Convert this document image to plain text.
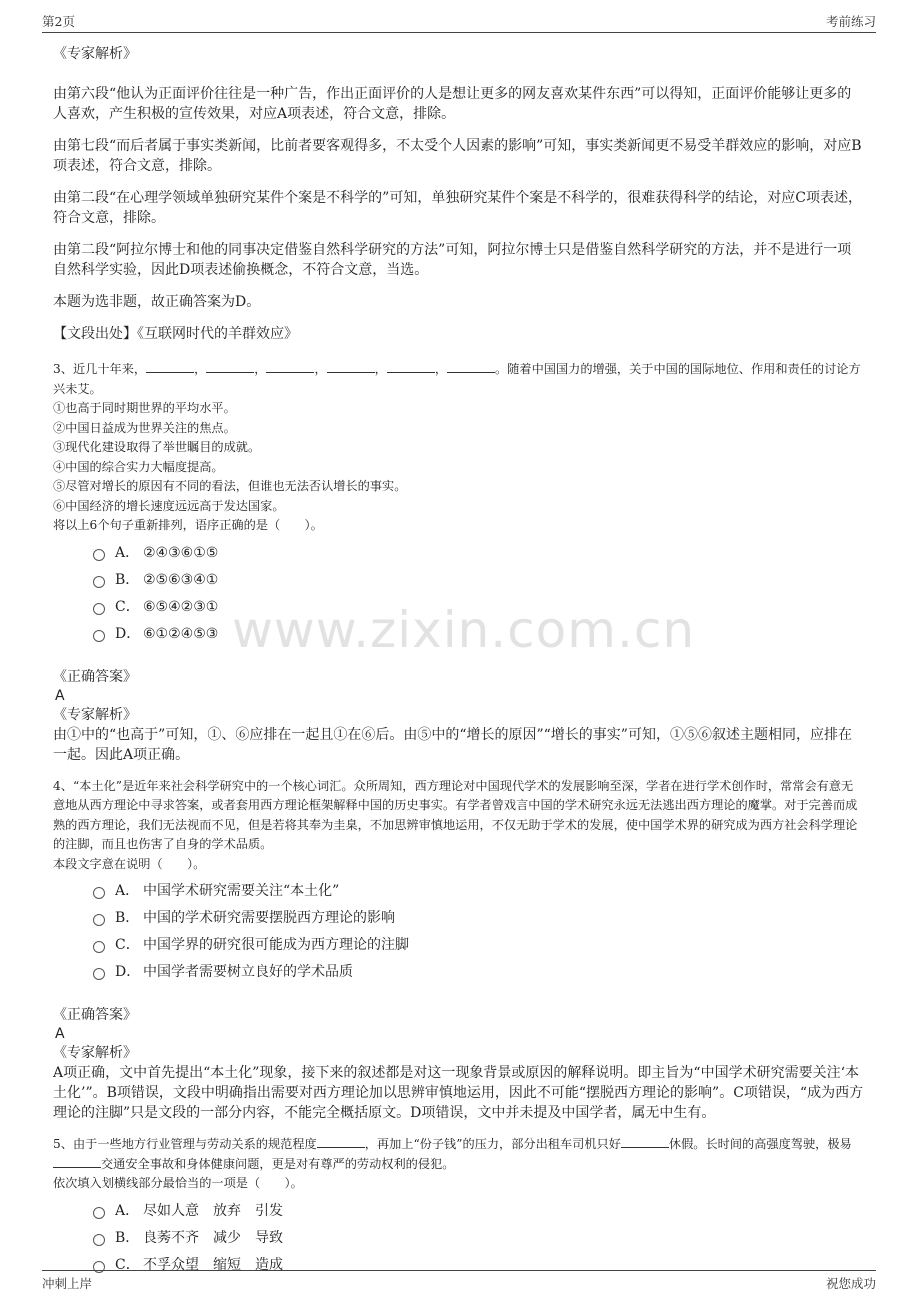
第2页	考前练习
www.zixin.com.cn

《专家解析》

由第六段“他认为正面评价往往是一种广告，作出正面评价的人是想让更多的网友喜欢某件东西”可以得知，正面评价能够让更多的人喜欢，产生积极的宣传效果，对应A项表述，符合文意，排除。

由第七段“而后者属于事实类新闻，比前者要客观得多，不太受个人因素的影响”可知，事实类新闻更不易受羊群效应的影响，对应B项表述，符合文意，排除。

由第二段“在心理学领域单独研究某件个案是不科学的”可知，单独研究某件个案是不科学的，很难获得科学的结论，对应C项表述，符合文意，排除。

由第二段“阿拉尔博士和他的同事决定借鉴自然科学研究的方法”可知，阿拉尔博士只是借鉴自然科学研究的方法，并不是进行一项自然科学实验，因此D项表述偷换概念，不符合文意，当选。

本题为选非题，故正确答案为D。

【文段出处】《互联网时代的羊群效应》

3、近几十年来，	，	，	，	，	，	。随着中国国力的增强，关于中国的国际地位、作用和责任的讨论方兴未艾。

①也高于同时期世界的平均水平。

②中国日益成为世界关注的焦点。

③现代化建设取得了举世瞩目的成就。

④中国的综合实力大幅度提高。

⑤尽管对增长的原因有不同的看法，但谁也无法否认增长的事实。

⑥中国经济的增长速度远远高于发达国家。

将以上6个句子重新排列，语序正确的是（　　）。

A． ②④③⑥①⑤
B． ②⑤⑥③④①
C． ⑥⑤④②③①
D． ⑥①②④⑤③

《正确答案》

A

《专家解析》

由①中的“也高于”可知，①、⑥应排在一起且①在⑥后。由⑤中的“增长的原因”“增长的事实”可知，①⑤⑥叙述主题相同，应排在一起。因此A项正确。

4、“本土化”是近年来社会科学研究中的一个核心词汇。众所周知，西方理论对中国现代学术的发展影响至深，学者在进行学术创作时，常常会有意无意地从西方理论中寻求答案，或者套用西方理论框架解释中国的历史事实。有学者曾戏言中国的学术研究永远无法逃出西方理论的魔掌。对于完善而成熟的西方理论，我们无法视而不见，但是若将其奉为圭臬，不加思辨审慎地运用，不仅无助于学术的发展，使中国学术界的研究成为西方社会科学理论的注脚，而且也伤害了自身的学术品质。

本段文字意在说明（　　）。

A． 中国学术研究需要关注“本土化”
B． 中国的学术研究需要摆脱西方理论的影响
C． 中国学界的研究很可能成为西方理论的注脚
D． 中国学者需要树立良好的学术品质

《正确答案》

A

《专家解析》

A项正确，文中首先提出“本土化”现象，接下来的叙述都是对这一现象背景或原因的解释说明。即主旨为“中国学术研究需要关注‘本土化’”。B项错误，文段中明确指出需要对西方理论加以思辨审慎地运用，因此不可能“摆脱西方理论的影响”。C项错误，“成为西方理论的注脚”只是文段的一部分内容，不能完全概括原文。D项错误，文中并未提及中国学者，属无中生有。

5、由于一些地方行业管理与劳动关系的规范程度	，再加上“份子钱”的压力，部分出租车司机只好	休假。长时间的高强度驾驶，极易交通安全事故和身体健康问题，更是对有尊严的劳动权利的侵犯。

依次填入划横线部分最恰当的一项是（　　）。

A． 尽如人意　放弃　引发
B． 良莠不齐　减少　导致
C． 不孚众望　缩短　造成
冲刺上岸	祝您成功
